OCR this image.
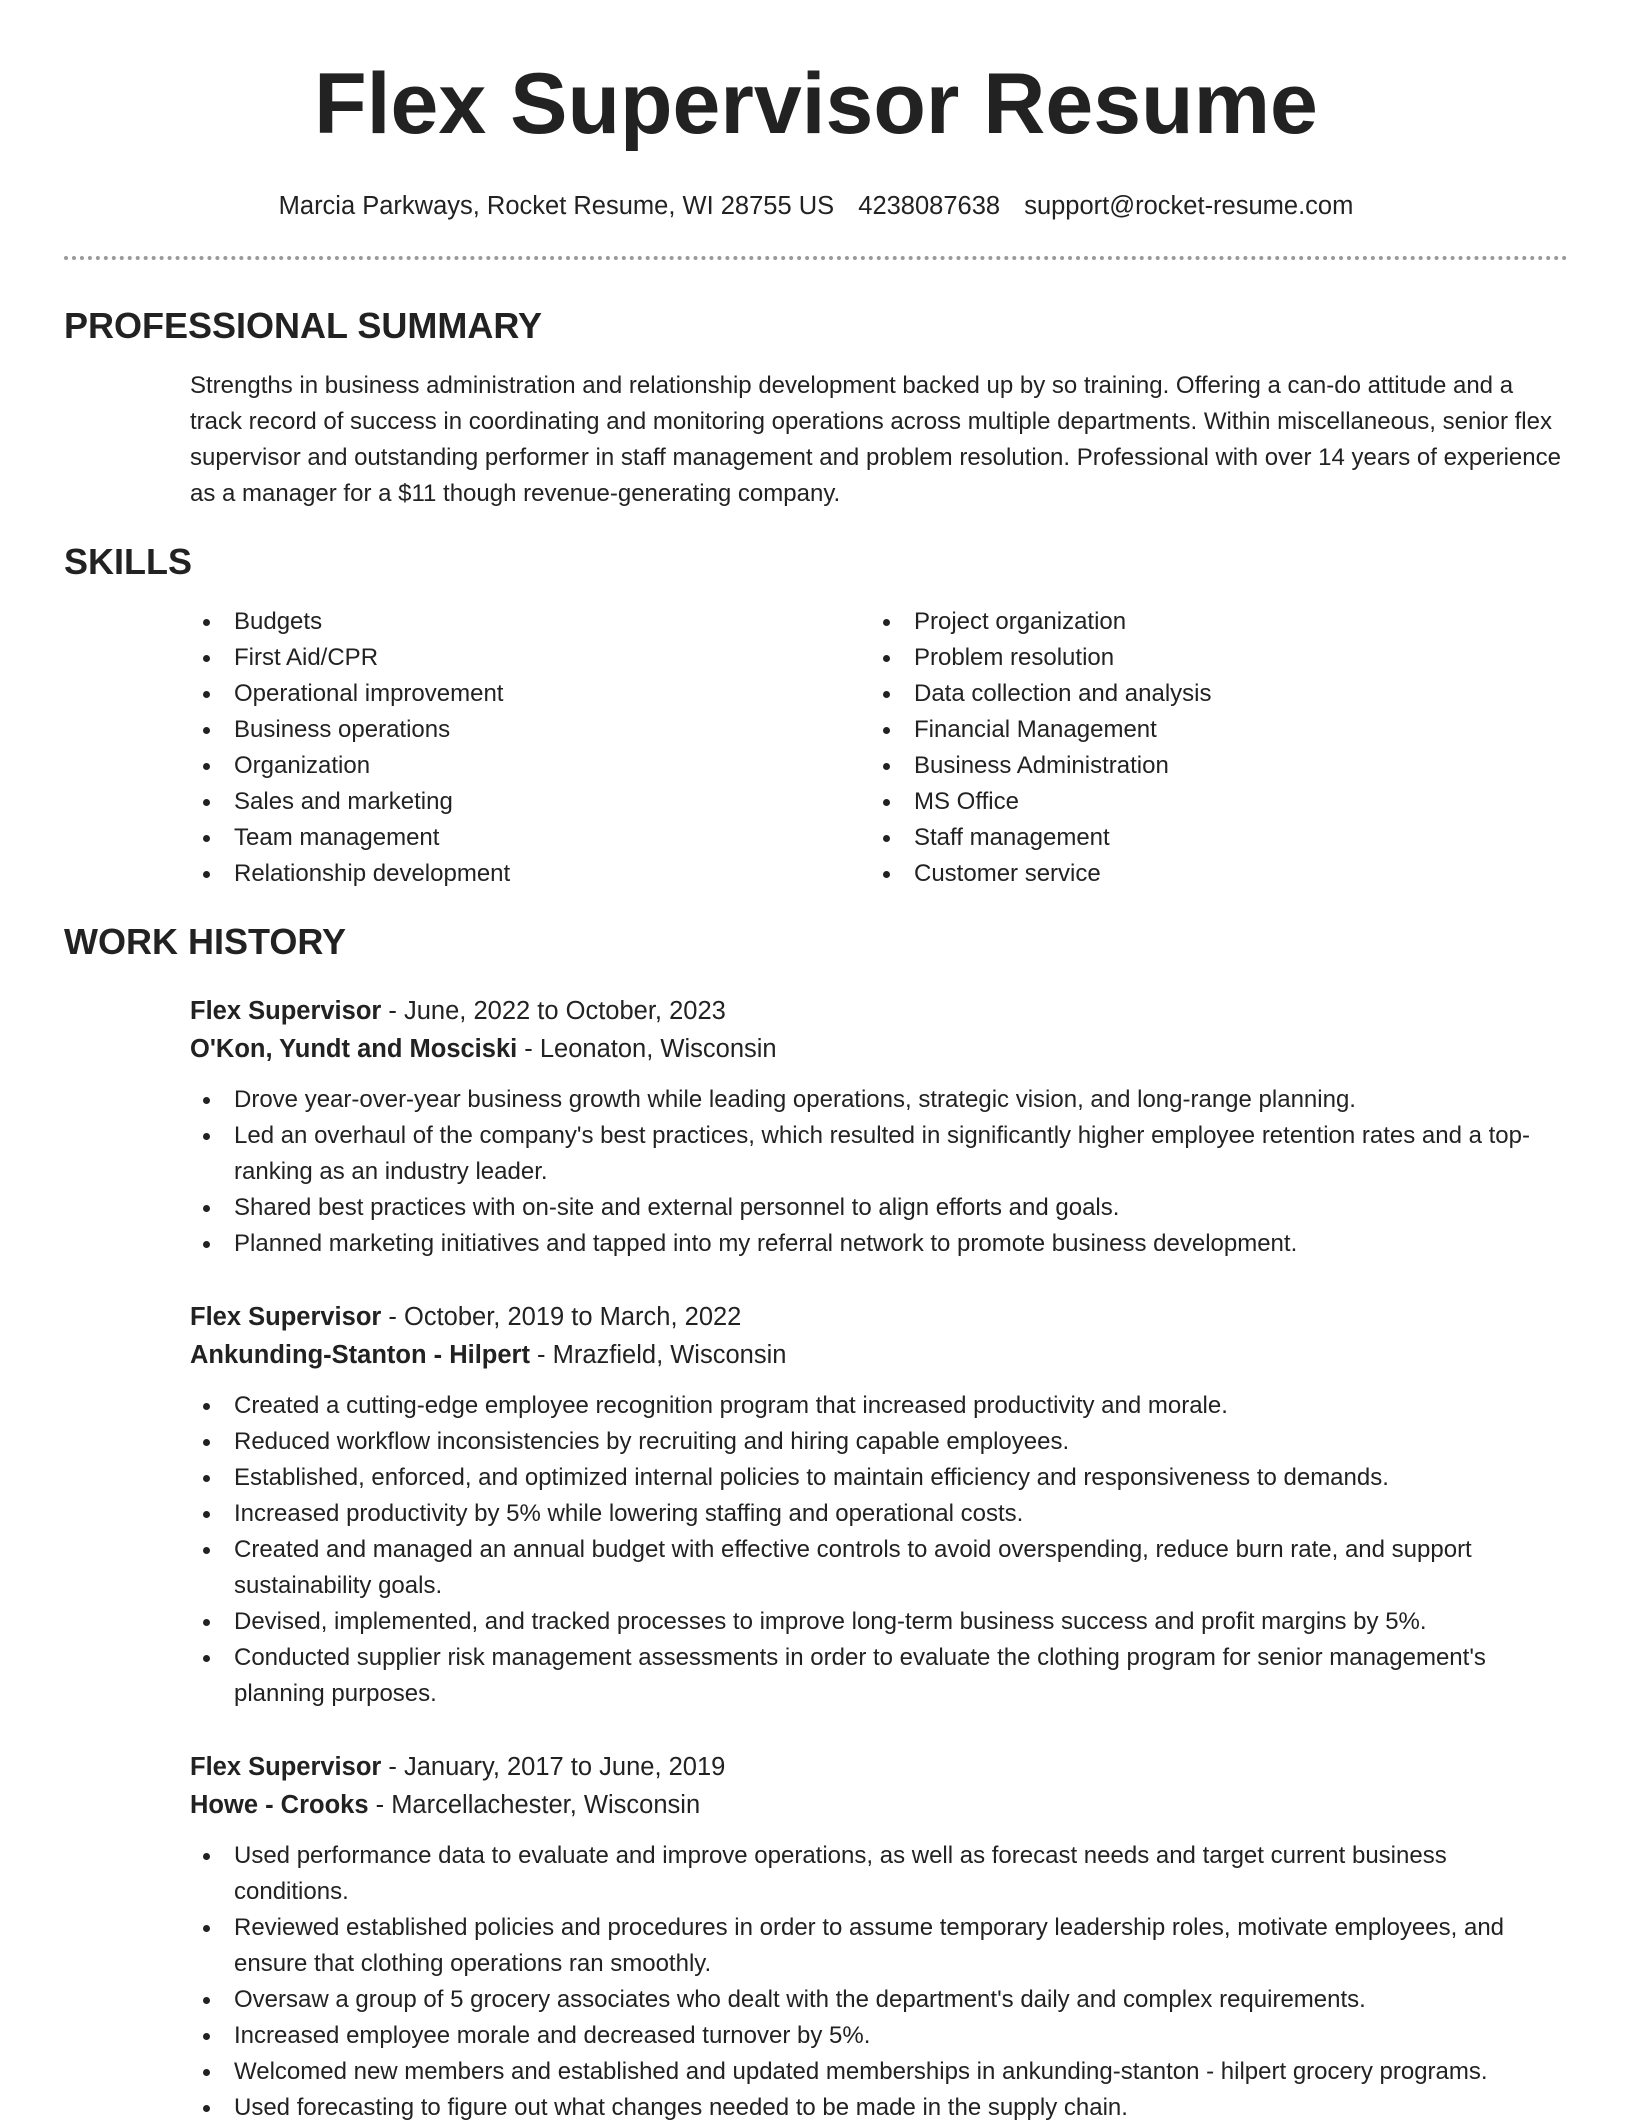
Flex Supervisor Resume
Marcia Parkways, Rocket Resume, WI 28755 US 4238087638 support@rocket-resume.com
PROFESSIONAL SUMMARY
Strengths in business administration and relationship development backed up by so training. Offering a can-do attitude and a track record of success in coordinating and monitoring operations across multiple departments. Within miscellaneous, senior flex supervisor and outstanding performer in staff management and problem resolution. Professional with over 14 years of experience as a manager for a $11 though revenue-generating company.
SKILLS
Budgets
First Aid/CPR
Operational improvement
Business operations
Organization
Sales and marketing
Team management
Relationship development
Project organization
Problem resolution
Data collection and analysis
Financial Management
Business Administration
MS Office
Staff management
Customer service
WORK HISTORY
Flex Supervisor - June, 2022 to October, 2023
O'Kon, Yundt and Mosciski - Leonaton, Wisconsin
Drove year-over-year business growth while leading operations, strategic vision, and long-range planning.
Led an overhaul of the company's best practices, which resulted in significantly higher employee retention rates and a top-ranking as an industry leader.
Shared best practices with on-site and external personnel to align efforts and goals.
Planned marketing initiatives and tapped into my referral network to promote business development.
Flex Supervisor - October, 2019 to March, 2022
Ankunding-Stanton - Hilpert - Mrazfield, Wisconsin
Created a cutting-edge employee recognition program that increased productivity and morale.
Reduced workflow inconsistencies by recruiting and hiring capable employees.
Established, enforced, and optimized internal policies to maintain efficiency and responsiveness to demands.
Increased productivity by 5% while lowering staffing and operational costs.
Created and managed an annual budget with effective controls to avoid overspending, reduce burn rate, and support sustainability goals.
Devised, implemented, and tracked processes to improve long-term business success and profit margins by 5%.
Conducted supplier risk management assessments in order to evaluate the clothing program for senior management's planning purposes.
Flex Supervisor - January, 2017 to June, 2019
Howe - Crooks - Marcellachester, Wisconsin
Used performance data to evaluate and improve operations, as well as forecast needs and target current business conditions.
Reviewed established policies and procedures in order to assume temporary leadership roles, motivate employees, and ensure that clothing operations ran smoothly.
Oversaw a group of 5 grocery associates who dealt with the department's daily and complex requirements.
Increased employee morale and decreased turnover by 5%.
Welcomed new members and established and updated memberships in ankunding-stanton - hilpert grocery programs.
Used forecasting to figure out what changes needed to be made in the supply chain.
